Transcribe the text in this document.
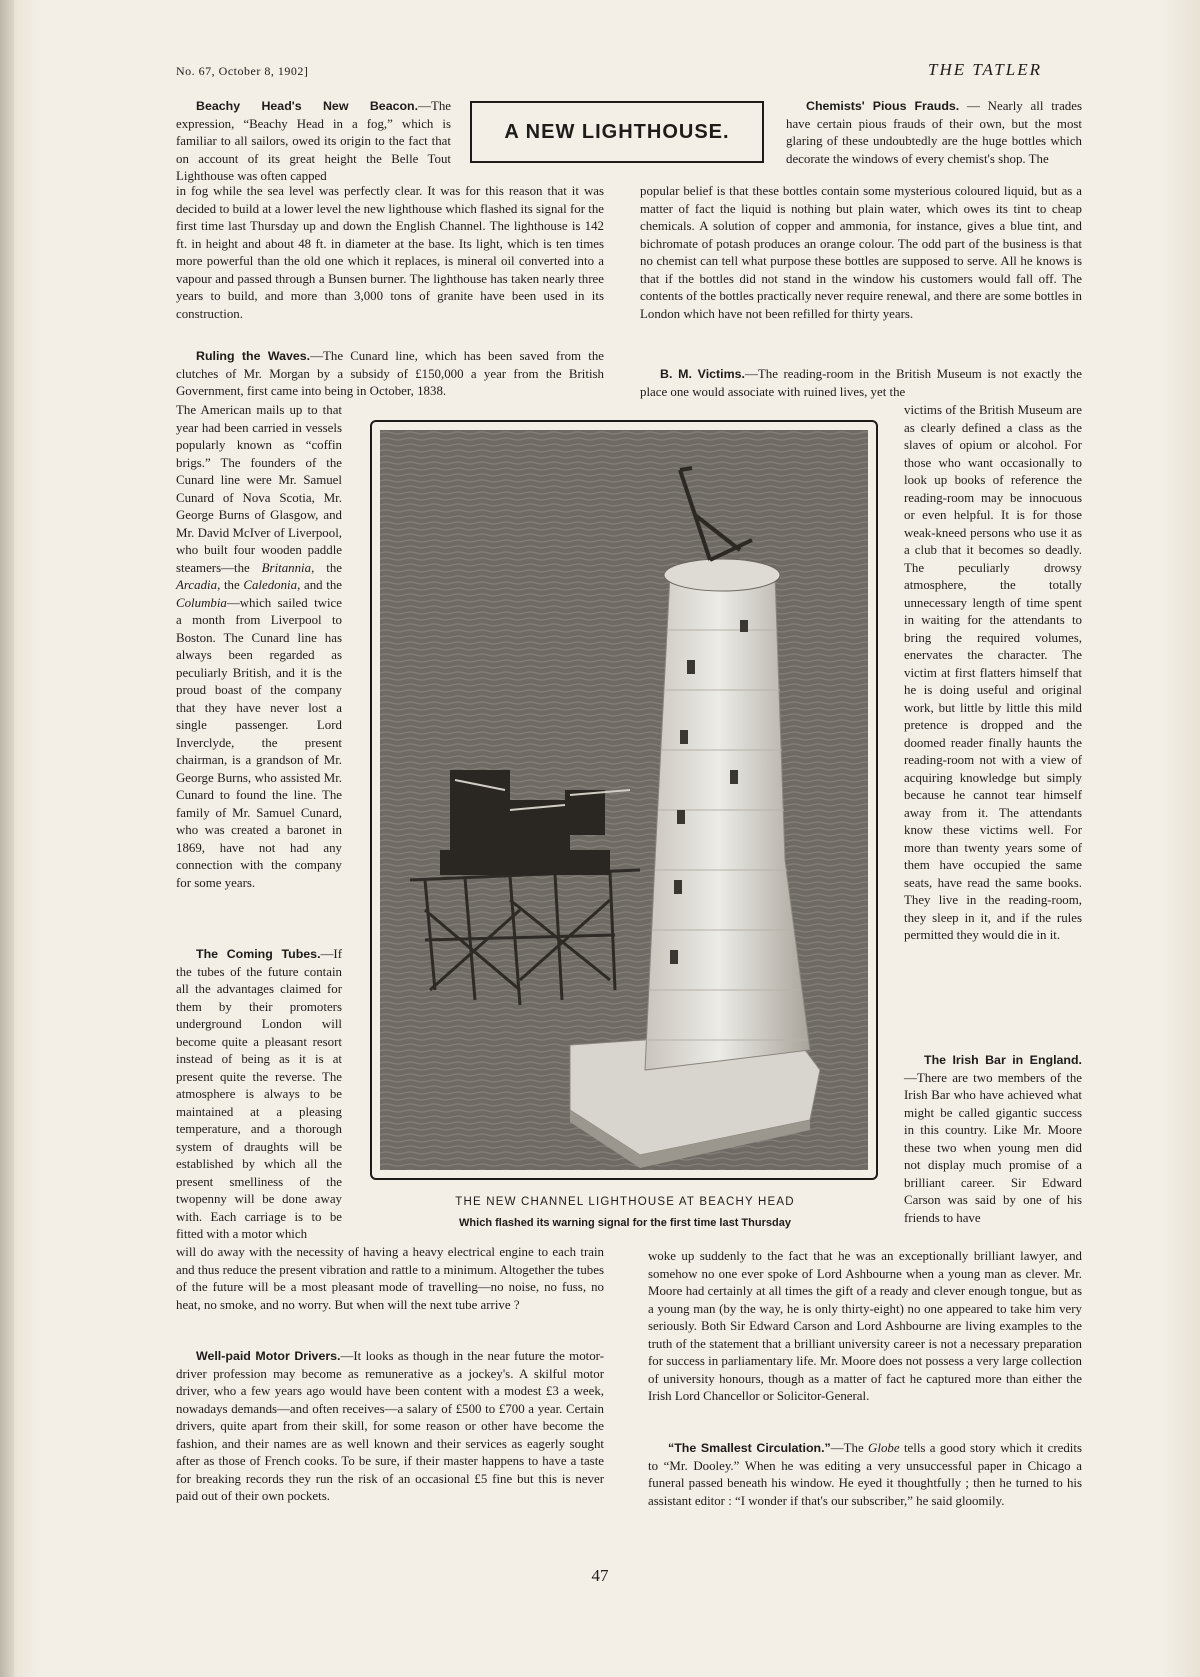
No. 67, October 8, 1902]	THE TATLER
A NEW LIGHTHOUSE.

Beachy Head's New Beacon.—The expression, “Beachy Head in a fog,” which is familiar to all sailors, owed its origin to the fact that on account of its great height the Belle Tout Lighthouse was often capped

in fog while the sea level was perfectly clear. It was for this reason that it was decided to build at a lower level the new lighthouse which flashed its signal for the first time last Thursday up and down the English Channel. The lighthouse is 142 ft. in height and about 48 ft. in diameter at the base. Its light, which is ten times more powerful than the old one which it replaces, is mineral oil converted into a vapour and passed through a Bunsen burner. The lighthouse has taken nearly three years to build, and more than 3,000 tons of granite have been used in its construction.

Ruling the Waves.—The Cunard line, which has been saved from the clutches of Mr. Morgan by a subsidy of £150,000 a year from the British Government, first came into being in October, 1838.

The American mails up to that year had been carried in vessels popularly known as “coffin brigs.” The founders of the Cunard line were Mr. Samuel Cunard of Nova Scotia, Mr. George Burns of Glasgow, and Mr. David McIver of Liverpool, who built four wooden paddle steamers—the Britannia, the Arcadia, the Caledonia, and the Columbia—which sailed twice a month from Liverpool to Boston. The Cunard line has always been regarded as peculiarly British, and it is the proud boast of the company that they have never lost a single passenger. Lord Inverclyde, the present chairman, is a grandson of Mr. George Burns, who assisted Mr. Cunard to found the line. The family of Mr. Samuel Cunard, who was created a baronet in 1869, have not had any connection with the company for some years.

The Coming Tubes.—If the tubes of the future contain all the advantages claimed for them by their promoters underground London will become quite a pleasant resort instead of being as it is at present quite the reverse. The atmosphere is always to be maintained at a pleasing temperature, and a thorough system of draughts will be established by which all the present smelliness of the twopenny will be done away with. Each carriage is to be fitted with a motor which

will do away with the necessity of having a heavy electrical engine to each train and thus reduce the present vibration and rattle to a minimum. Altogether the tubes of the future will be a most pleasant mode of travelling—no noise, no fuss, no heat, no smoke, and no worry. But when will the next tube arrive ?

Well-paid Motor Drivers.—It looks as though in the near future the motor-driver profession may become as remunerative as a jockey's. A skilful motor driver, who a few years ago would have been content with a modest £3 a week, nowadays demands—and often receives—a salary of £500 to £700 a year. Certain drivers, quite apart from their skill, for some reason or other have become the fashion, and their names are as well known and their services as eagerly sought after as those of French cooks. To be sure, if their master happens to have a taste for breaking records they run the risk of an occasional £5 fine but this is never paid out of their own pockets.

Chemists' Pious Frauds. — Nearly all trades have certain pious frauds of their own, but the most glaring of these undoubtedly are the huge bottles which decorate the windows of every chemist's shop. The

popular belief is that these bottles contain some mysterious coloured liquid, but as a matter of fact the liquid is nothing but plain water, which owes its tint to cheap chemicals. A solution of copper and ammonia, for instance, gives a blue tint, and bichromate of potash produces an orange colour. The odd part of the business is that no chemist can tell what purpose these bottles are supposed to serve. All he knows is that if the bottles did not stand in the window his customers would fall off. The contents of the bottles practically never require renewal, and there are some bottles in London which have not been refilled for thirty years.

B. M. Victims.—The reading-room in the British Museum is not exactly the place one would associate with ruined lives, yet the

victims of the British Museum are as clearly defined a class as the slaves of opium or alcohol. For those who want occasionally to look up books of reference the reading-room may be innocuous or even helpful. It is for those weak-kneed persons who use it as a club that it becomes so deadly. The peculiarly drowsy atmosphere, the totally unnecessary length of time spent in waiting for the attendants to bring the required volumes, enervates the character. The victim at first flatters himself that he is doing useful and original work, but little by little this mild pretence is dropped and the doomed reader finally haunts the reading-room not with a view of acquiring knowledge but simply because he cannot tear himself away from it. The attendants know these victims well. For more than twenty years some of them have occupied the same seats, have read the same books. They live in the reading-room, they sleep in it, and if the rules permitted they would die in it.

The Irish Bar in England.—There are two members of the Irish Bar who have achieved what might be called gigantic success in this country. Like Mr. Moore these two when young men did not display much promise of a brilliant career. Sir Edward Carson was said by one of his friends to have

woke up suddenly to the fact that he was an exceptionally brilliant lawyer, and somehow no one ever spoke of Lord Ashbourne when a young man as clever. Mr. Moore had certainly at all times the gift of a ready and clever enough tongue, but as a young man (by the way, he is only thirty-eight) no one appeared to take him very seriously. Both Sir Edward Carson and Lord Ashbourne are living examples to the truth of the statement that a brilliant university career is not a necessary preparation for success in parliamentary life. Mr. Moore does not possess a very large collection of university honours, though as a matter of fact he captured more than either the Irish Lord Chancellor or Solicitor-General.

“The Smallest Circulation.”—The Globe tells a good story which it credits to “Mr. Dooley.” When he was editing a very unsuccessful paper in Chicago a funeral passed beneath his window. He eyed it thoughtfully ; then he turned to his assistant editor : “I wonder if that's our subscriber,” he said gloomily.

THE NEW CHANNEL LIGHTHOUSE AT BEACHY HEAD
Which flashed its warning signal for the first time last Thursday
47
